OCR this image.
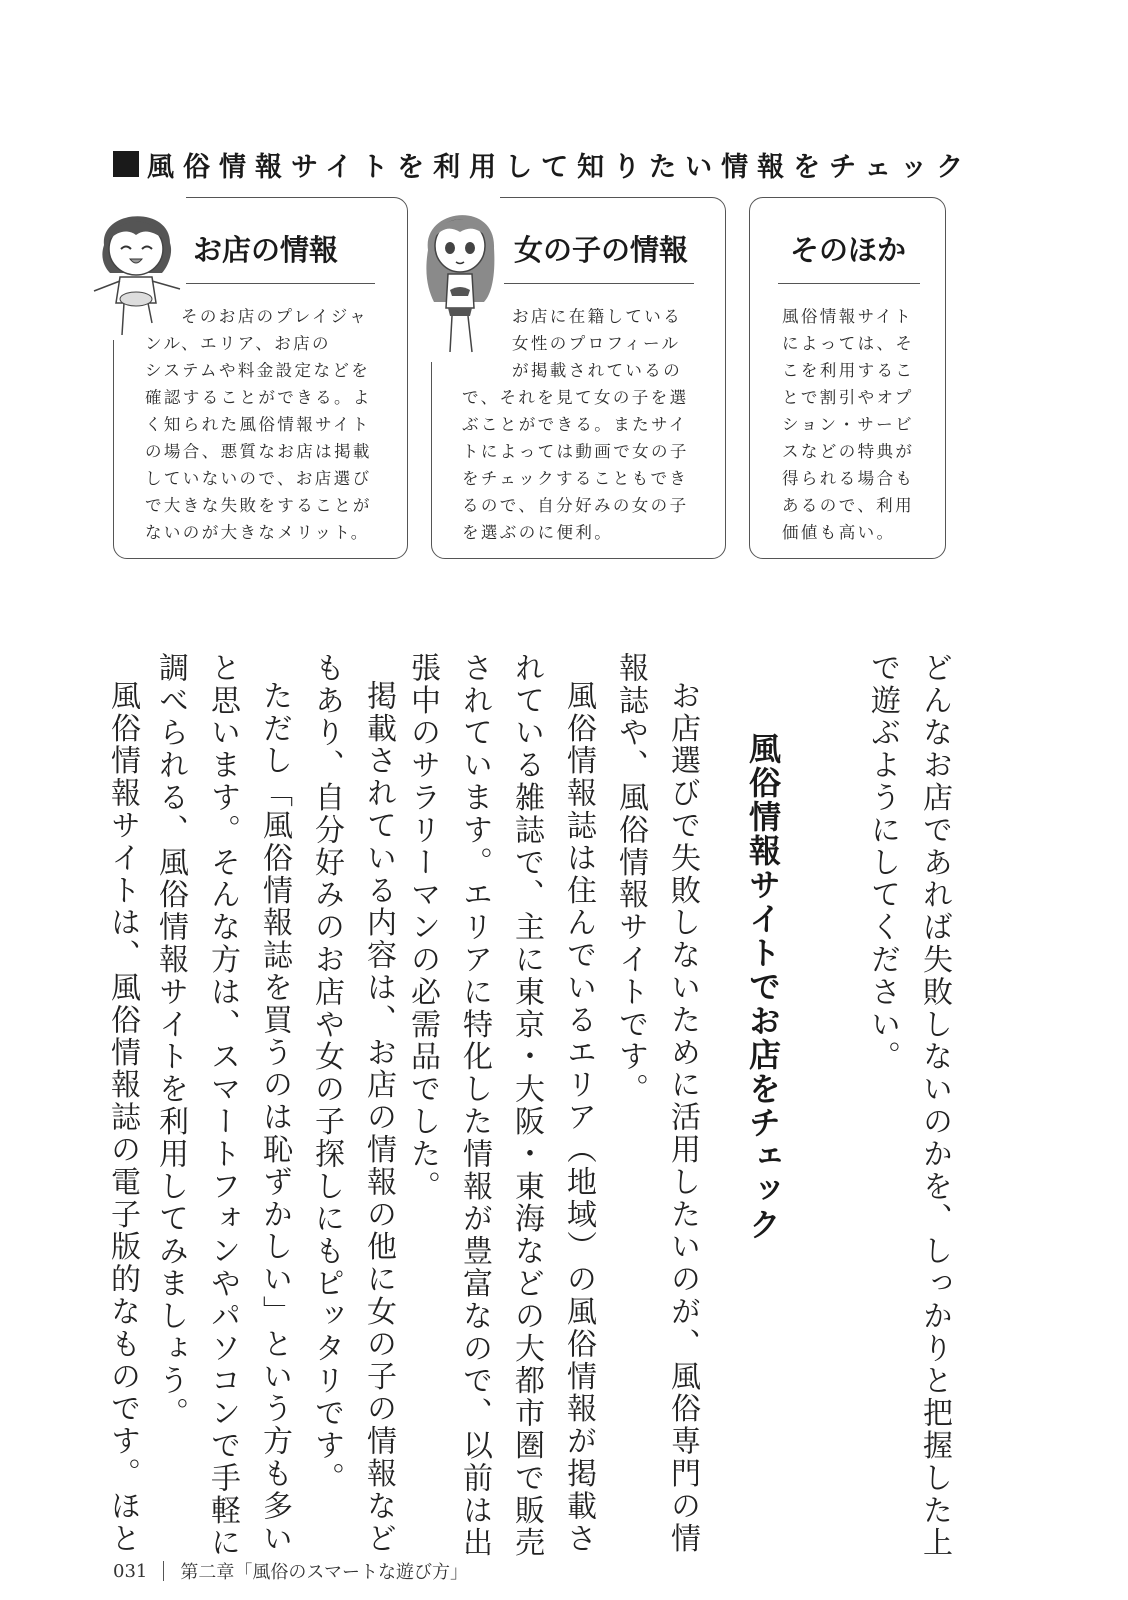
風俗情報サイトを利用して知りたい情報をチェック
お店の情報
そのお店のプレイジャ
ンル、エリア、お店の
システムや料金設定などを
確認することができる。よ
く知られた風俗情報サイト
の場合、悪質なお店は掲載
していないので、お店選び
で大きな失敗をすることが
ないのが大きなメリット。
女の子の情報
お店に在籍している
女性のプロフィール
が掲載されているの
で、それを見て女の子を選
ぶことができる。またサイ
トによっては動画で女の子
をチェックすることもでき
るので、自分好みの女の子
を選ぶのに便利。
そのほか
風俗情報サイト
によっては、そ
こを利用するこ
とで割引やオプ
ション・サービ
スなどの特典が
得られる場合も
あるので、利用
価値も高い。
どんなお店であれば失敗しないのかを、しっかりと把握した上
で遊ぶようにしてください。
風俗情報サイトでお店をチェック
お店選びで失敗しないために活用したいのが、風俗専門の情
報誌や、風俗情報サイトです。
風俗情報誌は住んでいるエリア（地域）の風俗情報が掲載さ
れている雑誌で、主に東京・大阪・東海などの大都市圏で販売
されています。エリアに特化した情報が豊富なので、以前は出
張中のサラリーマンの必需品でした。
掲載されている内容は、お店の情報の他に女の子の情報など
もあり、自分好みのお店や女の子探しにもピッタリです。
ただし「風俗情報誌を買うのは恥ずかしい」という方も多い
と思います。そんな方は、スマートフォンやパソコンで手軽に
調べられる、風俗情報サイトを利用してみましょう。
風俗情報サイトは、風俗情報誌の電子版的なものです。ほと
031 第二章「風俗のスマートな遊び方」
